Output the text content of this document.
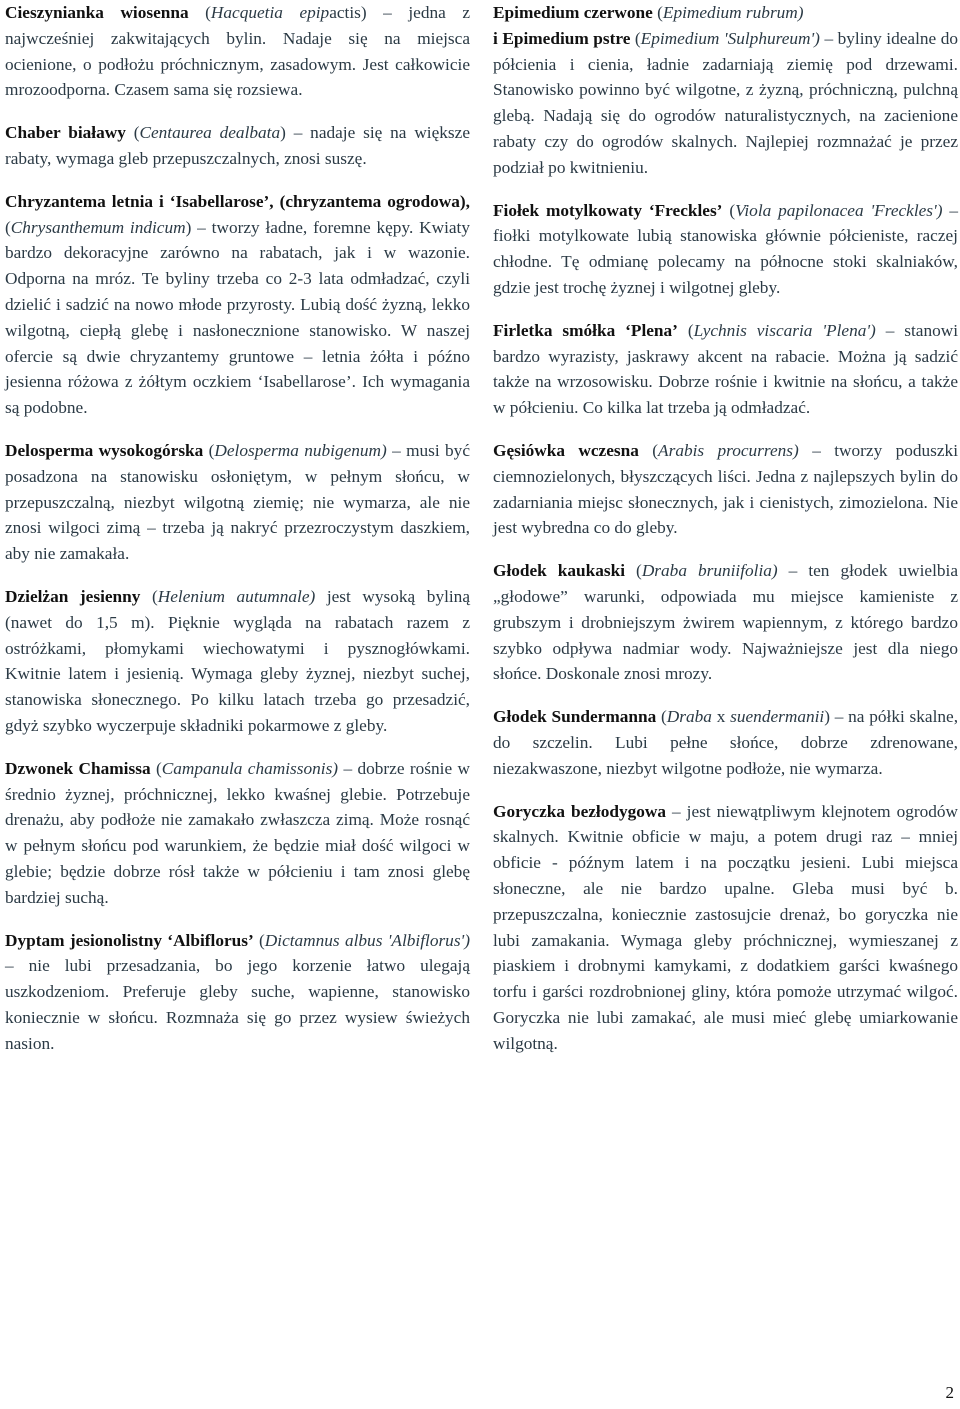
Cieszynianka wiosenna (Hacquetia epipactis) – jedna z najwcześniej zakwitających bylin. Nadaje się na miejsca ocienione, o podłożu próchnicznym, zasadowym. Jest całkowicie mrozoodporna. Czasem sama się rozsiewa.

Chaber białawy (Centaurea dealbata) – nadaje się na większe rabaty, wymaga gleb przepuszczalnych, znosi suszę.

Chryzantema letnia i ‘Isabellarose’, (chryzantema ogrodowa), (Chrysanthemum indicum) – tworzy ładne, foremne kępy. Kwiaty bardzo dekoracyjne zarówno na rabatach, jak i w wazonie. Odporna na mróz. Te byliny trzeba co 2-3 lata odmładzać, czyli dzielić i sadzić na nowo młode przyrosty. Lubią dość żyzną, lekko wilgotną, ciepłą glebę i nasłonecznione stanowisko. W naszej ofercie są dwie chryzantemy gruntowe – letnia żółta i późno jesienna różowa z żółtym oczkiem ‘Isabellarose’. Ich wymagania są podobne.

Delosperma wysokogórska (Delosperma nubigenum) – musi być posadzona na stanowisku osłoniętym, w pełnym słońcu, w przepuszczalną, niezbyt wilgotną ziemię; nie wymarza, ale nie znosi wilgoci zimą – trzeba ją nakryć przezroczystym daszkiem, aby nie zamakała.

Dzielżan jesienny (Helenium autumnale) jest wysoką byliną (nawet do 1,5 m). Pięknie wygląda na rabatach razem z ostróżkami, płomykami wiechowatymi i pysznogłówkami. Kwitnie latem i jesienią. Wymaga gleby żyznej, niezbyt suchej, stanowiska słonecznego. Po kilku latach trzeba go przesadzić, gdyż szybko wyczerpuje składniki pokarmowe z gleby.

Dzwonek Chamissa (Campanula chamissonis) – dobrze rośnie w średnio żyznej, próchnicznej, lekko kwaśnej glebie. Potrzebuje drenażu, aby podłoże nie zamakało zwłaszcza zimą. Może rosnąć w pełnym słońcu pod warunkiem, że będzie miał dość wilgoci w glebie; będzie dobrze rósł także w półcieniu i tam znosi glebę bardziej suchą.

Dyptam jesionolistny ‘Albiflorus’ (Dictamnus albus 'Albiflorus') – nie lubi przesadzania, bo jego korzenie łatwo ulegają uszkodzeniom. Preferuje gleby suche, wapienne, stanowisko koniecznie w słońcu. Rozmnaża się go przez wysiew świeżych nasion.

Epimedium czerwone (Epimedium rubrum)
i Epimedium pstre (Epimedium 'Sulphureum') – byliny idealne do półcienia i cienia, ładnie zadarniają ziemię pod drzewami. Stanowisko powinno być wilgotne, z żyzną, próchniczną, pulchną glebą. Nadają się do ogrodów naturalistycznych, na zacienione rabaty czy do ogrodów skalnych. Najlepiej rozmnażać je przez podział po kwitnieniu.

Fiołek motylkowaty ‘Freckles’ (Viola papilonacea 'Freckles') – fiołki motylkowate lubią stanowiska głównie półcieniste, raczej chłodne. Tę odmianę polecamy na północne stoki skalniaków, gdzie jest trochę żyznej i wilgotnej gleby.

Firletka smółka ‘Plena’ (Lychnis viscaria 'Plena') – stanowi bardzo wyrazisty, jaskrawy akcent na rabacie. Można ją sadzić także na wrzosowisku. Dobrze rośnie i kwitnie na słońcu, a także w półcieniu. Co kilka lat trzeba ją odmładzać.

Gęsiówka wczesna (Arabis procurrens) – tworzy poduszki ciemnozielonych, błyszczących liści. Jedna z najlepszych bylin do zadarniania miejsc słonecznych, jak i cienistych, zimozielona. Nie jest wybredna co do gleby.

Głodek kaukaski (Draba bruniifolia) – ten głodek uwielbia „głodowe” warunki, odpowiada mu miejsce kamieniste z grubszym i drobniejszym żwirem wapiennym, z którego bardzo szybko odpływa nadmiar wody. Najważniejsze jest dla niego słońce. Doskonale znosi mrozy.

Głodek Sundermanna (Draba x suendermanii) – na półki skalne, do szczelin. Lubi pełne słońce, dobrze zdrenowane, niezakwaszone, niezbyt wilgotne podłoże, nie wymarza.

Goryczka bezłodygowa – jest niewątpliwym klejnotem ogrodów skalnych. Kwitnie obficie w maju, a potem drugi raz – mniej obficie - późnym latem i na początku jesieni. Lubi miejsca słoneczne, ale nie bardzo upalne. Gleba musi być b. przepuszczalna, koniecznie zastosujcie drenaż, bo goryczka nie lubi zamakania. Wymaga gleby próchnicznej, wymieszanej z piaskiem i drobnymi kamykami, z dodatkiem garści kwaśnego torfu i garści rozdrobnionej gliny, która pomoże utrzymać wilgoć. Goryczka nie lubi zamakać, ale musi mieć glebę umiarkowanie wilgotną.

2
